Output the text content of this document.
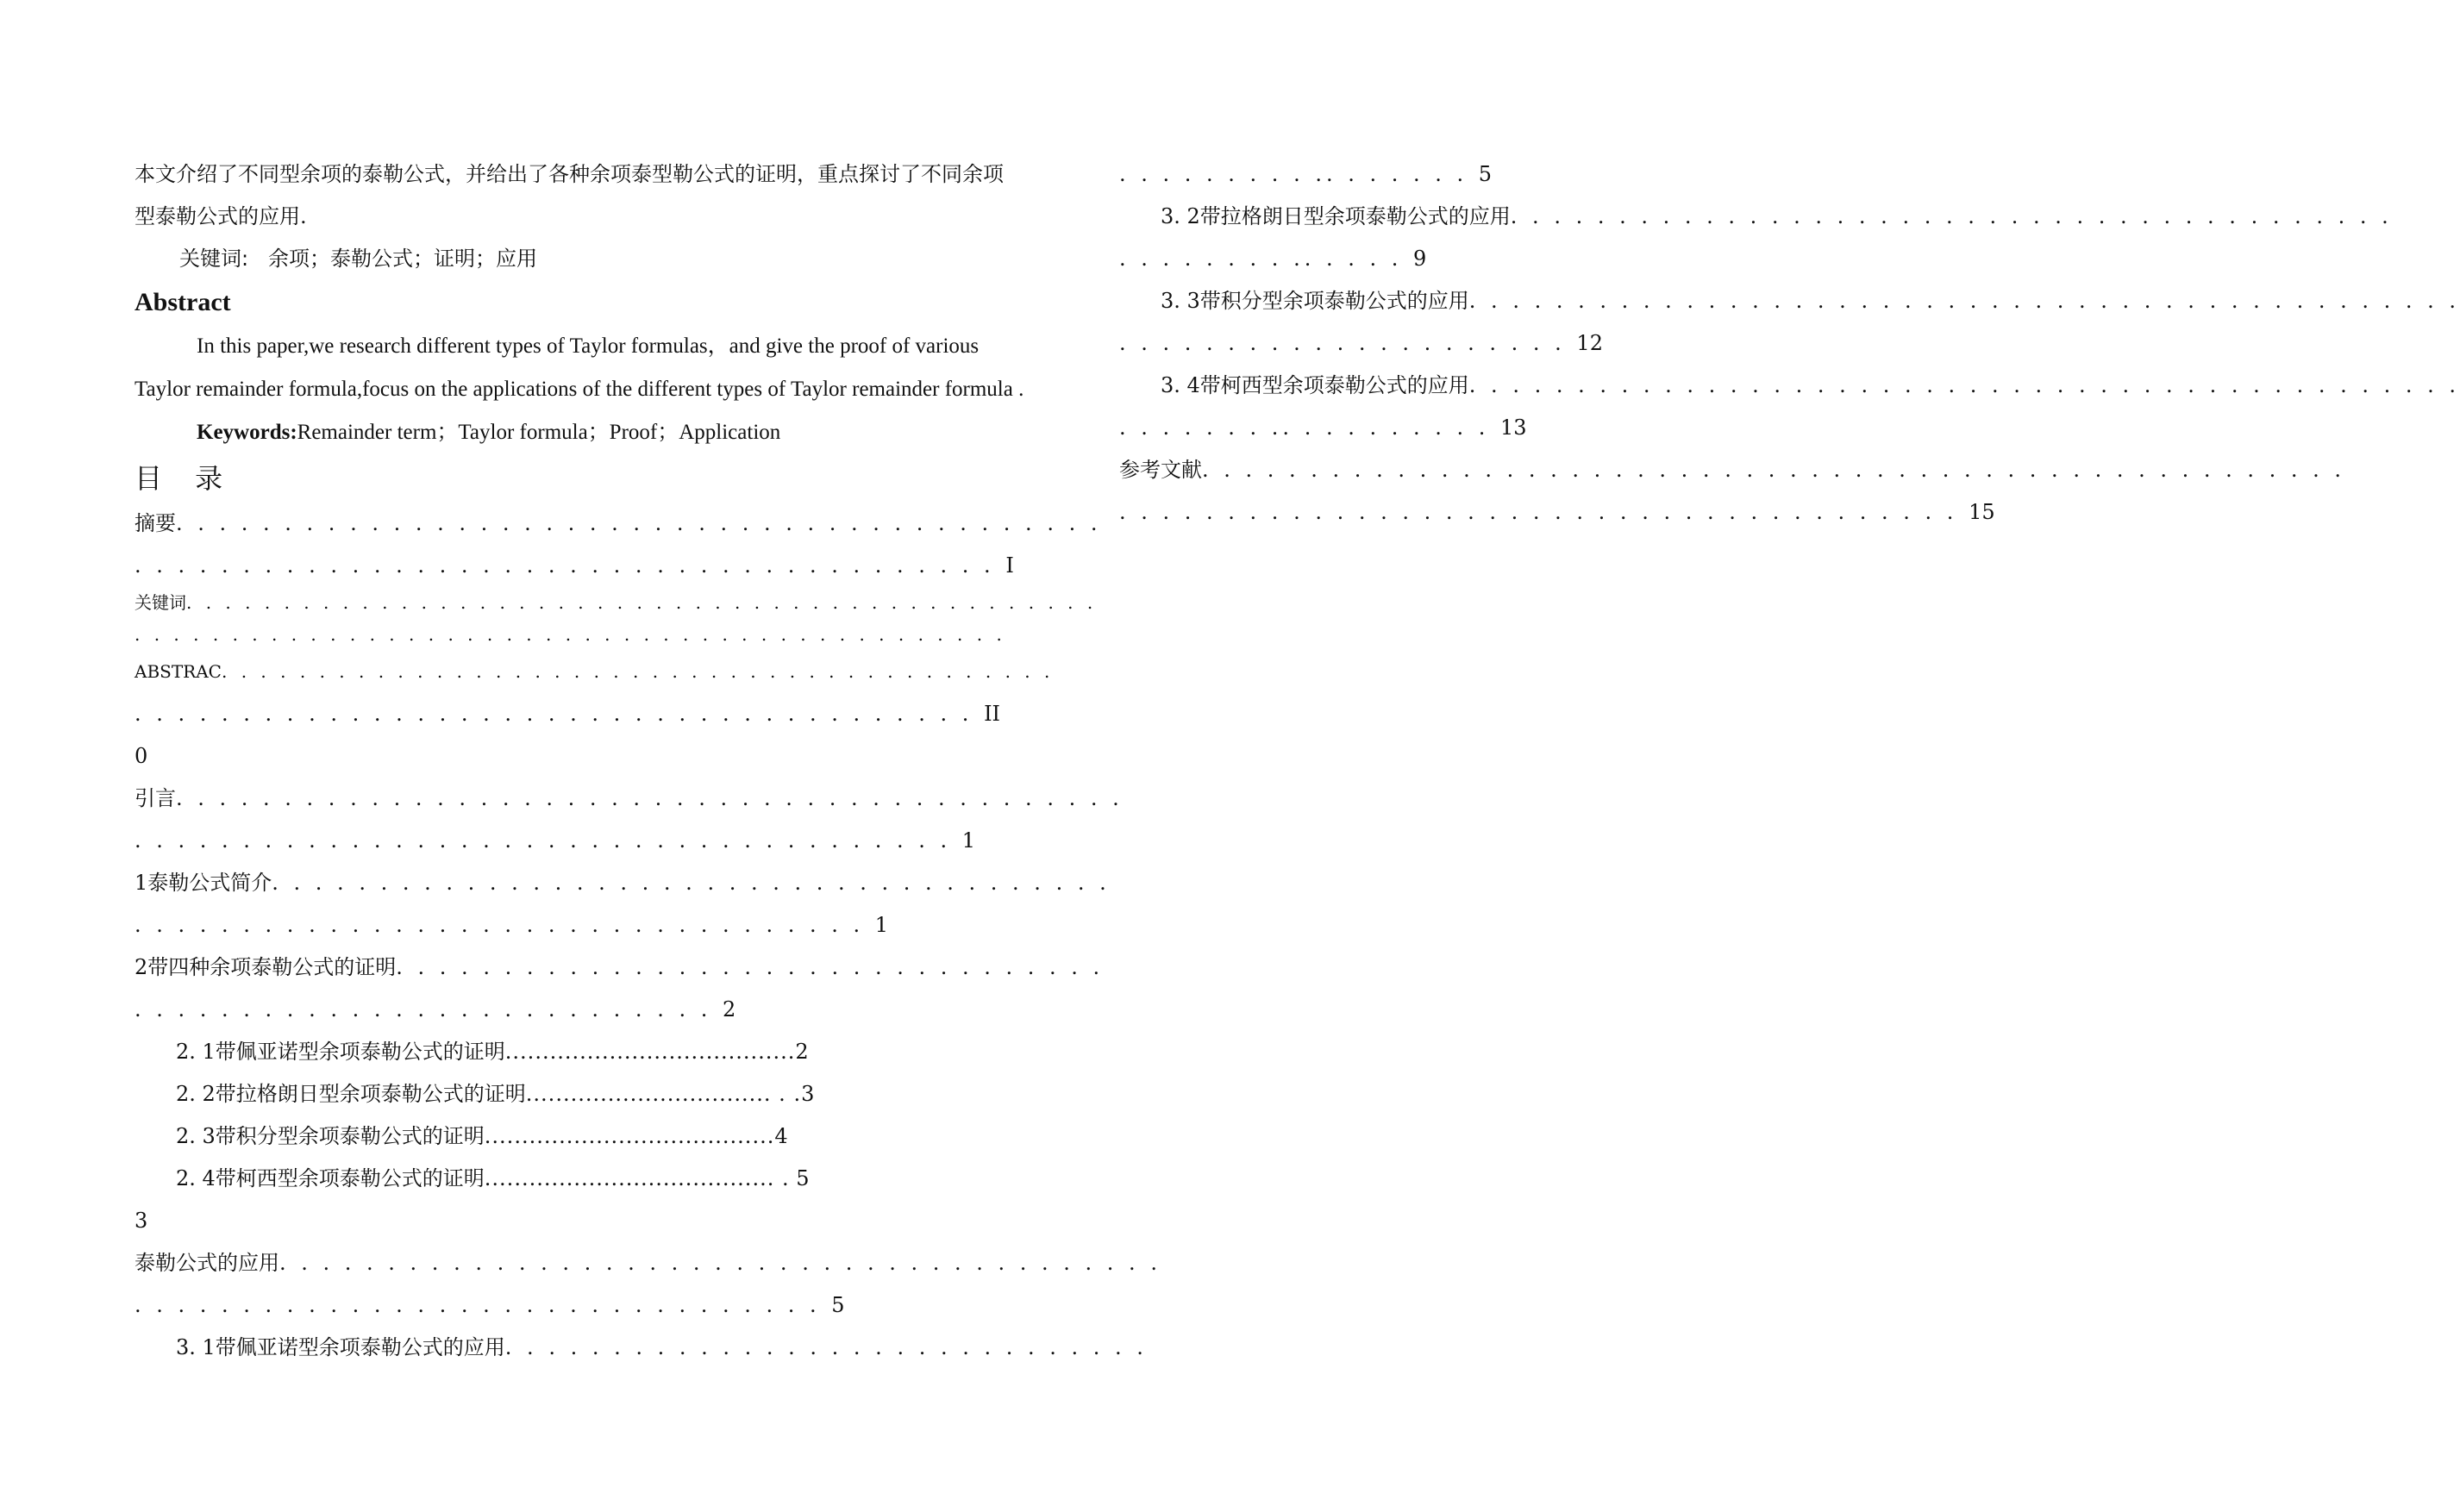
本文介绍了不同型余项的泰勒公式，并给出了各种余项泰型勒公式的证明，重点探讨了不同余项

型泰勒公式的应用.

关键词: 余项；泰勒公式；证明；应用

Abstract

In this paper,we research different types of Taylor formulas，and give the proof of various

Taylor remainder formula,focus on the applications of the different types of Taylor remainder formula .

Keywords:Remainder term；Taylor formula；Proof；Application

目 录

摘要. . . . . . . . . . . . . . . . . . . . . . . . . . . . . . . . . . . . . . . . . . .

. . . . . . . . . . . . . . . . . . . . . . . . . . . . . . . . . . . . . . . . I

关键词. . . . . . . . . . . . . . . . . . . . . . . . . . . . . . . . . . . . . . . . . . . . . . .

. . . . . . . . . . . . . . . . . . . . . . . . . . . . . . . . . . . . . . . . . . . . .

ABSTRAC. . . . . . . . . . . . . . . . . . . . . . . . . . . . . . . . . . . . . . . . . . .

. . . . . . . . . . . . . . . . . . . . . . . . . . . . . . . . . . . . . . . II

0

引言. . . . . . . . . . . . . . . . . . . . . . . . . . . . . . . . . . . . . . . . . . . .

. . . . . . . . . . . . . . . . . . . . . . . . . . . . . . . . . . . . . . 1

1泰勒公式简介. . . . . . . . . . . . . . . . . . . . . . . . . . . . . . . . . . . . . . .

. . . . . . . . . . . . . . . . . . . . . . . . . . . . . . . . . . 1

2带四种余项泰勒公式的证明. . . . . . . . . . . . . . . . . . . . . . . . . . . . . . . . .

. . . . . . . . . . . . . . . . . . . . . . . . . . . 2

2. 1带佩亚诺型余项泰勒公式的证明.......................................2

2. 2带拉格朗日型余项泰勒公式的证明................................. . .3

2. 3带积分型余项泰勒公式的证明.......................................4

2. 4带柯西型余项泰勒公式的证明....................................... . 5

3

泰勒公式的应用. . . . . . . . . . . . . . . . . . . . . . . . . . . . . . . . . . . . . . . . .

. . . . . . . . . . . . . . . . . . . . . . . . . . . . . . . . 5

3. 1带佩亚诺型余项泰勒公式的应用. . . . . . . . . . . . . . . . . . . . . . . . . . . . . .

. . . . . . . . . .. . . . . . . 5

3. 2带拉格朗日型余项泰勒公式的应用. . . . . . . . . . . . . . . . . . . . . . . . . . . . . . . . . . . . . . . . .

. . . . . . . . .. . . . . 9

3. 3带积分型余项泰勒公式的应用. . . . . . . . . . . . . . . . . . . . . . . . . . . . . . . . . . . . . . . . . . . . . .

. . . . . . . . . . . . . . . . . . . . . 12

3. 4带柯西型余项泰勒公式的应用. . . . . . . . . . . . . . . . . . . . . . . . . . . . . . . . . . . . . . . . . . . . . .

. . . . . . . .. . . . . . . . . . 13

参考文献. . . . . . . . . . . . . . . . . . . . . . . . . . . . . . . . . . . . . . . . . . . . . . . . . . . . .

. . . . . . . . . . . . . . . . . . . . . . . . . . . . . . . . . . . . . . . 15
